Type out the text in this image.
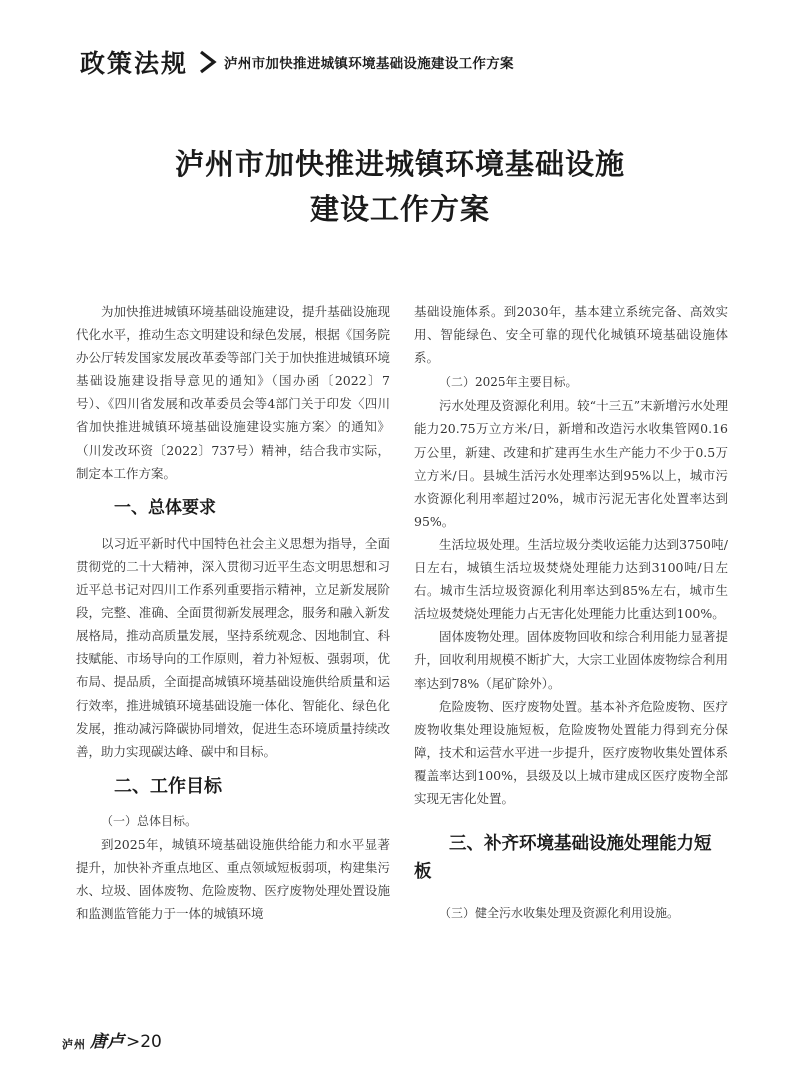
政策法规	泸州市加快推进城镇环境基础设施建设工作方案
泸州市加快推进城镇环境基础设施
建设工作方案

为加快推进城镇环境基础设施建设，提升基础设施现代化水平，推动生态文明建设和绿色发展，根据《国务院办公厅转发国家发展改革委等部门关于加快推进城镇环境基础设施建设指导意见的通知》（国办函〔2022〕7号）、《四川省发展和改革委员会等4部门关于印发〈四川省加快推进城镇环境基础设施建设实施方案〉的通知》（川发改环资〔2022〕737号）精神，结合我市实际，制定本工作方案。

一、总体要求

以习近平新时代中国特色社会主义思想为指导，全面贯彻党的二十大精神，深入贯彻习近平生态文明思想和习近平总书记对四川工作系列重要指示精神，立足新发展阶段，完整、准确、全面贯彻新发展理念，服务和融入新发展格局，推动高质量发展，坚持系统观念、因地制宜、科技赋能、市场导向的工作原则，着力补短板、强弱项，优布局、提品质，全面提高城镇环境基础设施供给质量和运行效率，推进城镇环境基础设施一体化、智能化、绿色化发展，推动减污降碳协同增效，促进生态环境质量持续改善，助力实现碳达峰、碳中和目标。

二、工作目标

（一）总体目标。

到2025年，城镇环境基础设施供给能力和水平显著提升，加快补齐重点地区、重点领域短板弱项，构建集污水、垃圾、固体废物、危险废物、医疗废物处理处置设施和监测监管能力于一体的城镇环境

基础设施体系。到2030年，基本建立系统完备、高效实用、智能绿色、安全可靠的现代化城镇环境基础设施体系。

（二）2025年主要目标。

污水处理及资源化利用。较“十三五”末新增污水处理能力20.75万立方米/日，新增和改造污水收集管网0.16万公里，新建、改建和扩建再生水生产能力不少于0.5万立方米/日。县城生活污水处理率达到95%以上，城市污水资源化利用率超过20%，城市污泥无害化处置率达到95%。

生活垃圾处理。生活垃圾分类收运能力达到3750吨/日左右，城镇生活垃圾焚烧处理能力达到3100吨/日左右。城市生活垃圾资源化利用率达到85%左右，城市生活垃圾焚烧处理能力占无害化处理能力比重达到100%。

固体废物处理。固体废物回收和综合利用能力显著提升，回收利用规模不断扩大，大宗工业固体废物综合利用率达到78%（尾矿除外）。

危险废物、医疗废物处置。基本补齐危险废物、医疗废物收集处理设施短板，危险废物处置能力得到充分保障，技术和运营水平进一步提升，医疗废物收集处置体系覆盖率达到100%，县级及以上城市建成区医疗废物全部实现无害化处置。

三、补齐环境基础设施处理能力短板

（三）健全污水收集处理及资源化利用设施。

泸州 唐卢 >20
